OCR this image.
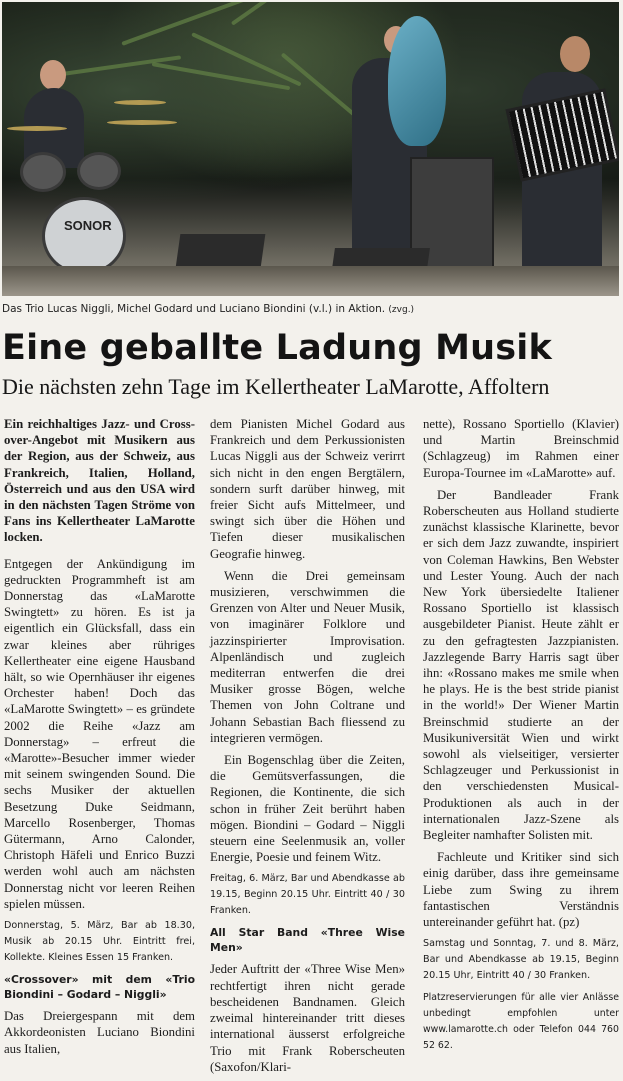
SONOR
Das Trio Lucas Niggli, Michel Godard und Luciano Biondini (v.l.) in Aktion. (zvg.)
Eine geballte Ladung Musik
Die nächsten zehn Tage im Kellertheater LaMarotte, Affoltern

Ein reichhaltiges Jazz- und Cross-over-Angebot mit Musikern aus der Region, aus der Schweiz, aus Frankreich, Italien, Holland, Österreich und aus den USA wird in den nächsten Tagen Ströme von Fans ins Kellertheater LaMarotte locken.

Entgegen der Ankündigung im gedruckten Programmheft ist am Donnerstag das «LaMarotte Swingtett» zu hören. Es ist ja eigentlich ein Glücksfall, dass ein zwar kleines aber rühriges Kellertheater eine eigene Hausband hält, so wie Opernhäuser ihr eigenes Orchester haben! Doch das «LaMarotte Swingtett» – es gründete 2002 die Reihe «Jazz am Donnerstag» – erfreut die «Marotte»-Besucher immer wieder mit seinem swingenden Sound. Die sechs Musiker der aktuellen Besetzung Duke Seidmann, Marcello Rosenberger, Thomas Gütermann, Arno Calonder, Christoph Häfeli und Enrico Buzzi werden wohl auch am nächsten Donnerstag nicht vor leeren Reihen spielen müssen.

Donnerstag, 5. März, Bar ab 18.30, Musik ab 20.15 Uhr. Eintritt frei, Kollekte. Kleines Essen 15 Franken.

«Crossover» mit dem «Trio Biondini – Godard – Niggli»

Das Dreiergespann mit dem Akkordeonisten Luciano Biondini aus Italien,

dem Pianisten Michel Godard aus Frankreich und dem Perkussionisten Lucas Niggli aus der Schweiz verirrt sich nicht in den engen Bergtälern, sondern surft darüber hinweg, mit freier Sicht aufs Mittelmeer, und swingt sich über die Höhen und Tiefen dieser musikalischen Geografie hinweg.

Wenn die Drei gemeinsam musizieren, verschwimmen die Grenzen von Alter und Neuer Musik, von imaginärer Folklore und jazzinspirierter Improvisation. Alpenländisch und zugleich mediterran entwerfen die drei Musiker grosse Bögen, welche Themen von John Coltrane und Johann Sebastian Bach fliessend zu integrieren vermögen.

Ein Bogenschlag über die Zeiten, die Gemütsverfassungen, die Regionen, die Kontinente, die sich schon in früher Zeit berührt haben mögen. Biondini – Godard – Niggli steuern eine Seelenmusik an, voller Energie, Poesie und feinem Witz.

Freitag, 6. März, Bar und Abendkasse ab 19.15, Beginn 20.15 Uhr. Eintritt 40 / 30 Franken.

All Star Band «Three Wise Men»

Jeder Auftritt der «Three Wise Men» rechtfertigt ihren nicht gerade bescheidenen Bandnamen. Gleich zweimal hintereinander tritt dieses international äusserst erfolgreiche Trio mit Frank Roberscheuten (Saxofon/Klari-

nette), Rossano Sportiello (Klavier) und Martin Breinschmid (Schlagzeug) im Rahmen einer Europa-Tournee im «LaMarotte» auf.

Der Bandleader Frank Roberscheuten aus Holland studierte zunächst klassische Klarinette, bevor er sich dem Jazz zuwandte, inspiriert von Coleman Hawkins, Ben Webster und Lester Young. Auch der nach New York übersiedelte Italiener Rossano Sportiello ist klassisch ausgebildeter Pianist. Heute zählt er zu den gefragtesten Jazzpianisten. Jazzlegende Barry Harris sagt über ihn: «Rossano makes me smile when he plays. He is the best stride pianist in the world!» Der Wiener Martin Breinschmid studierte an der Musikuniversität Wien und wirkt sowohl als vielseitiger, versierter Schlagzeuger und Perkussionist in den verschiedensten Musical-Produktionen als auch in der internationalen Jazz-Szene als Begleiter namhafter Solisten mit.

Fachleute und Kritiker sind sich einig darüber, dass ihre gemeinsame Liebe zum Swing zu ihrem fantastischen Verständnis untereinander geführt hat. (pz)

Samstag und Sonntag, 7. und 8. März, Bar und Abendkasse ab 19.15, Beginn 20.15 Uhr, Eintritt 40 / 30 Franken.

Platzreservierungen für alle vier Anlässe unbedingt empfohlen unter www.lamarotte.ch oder Telefon 044 760 52 62.
